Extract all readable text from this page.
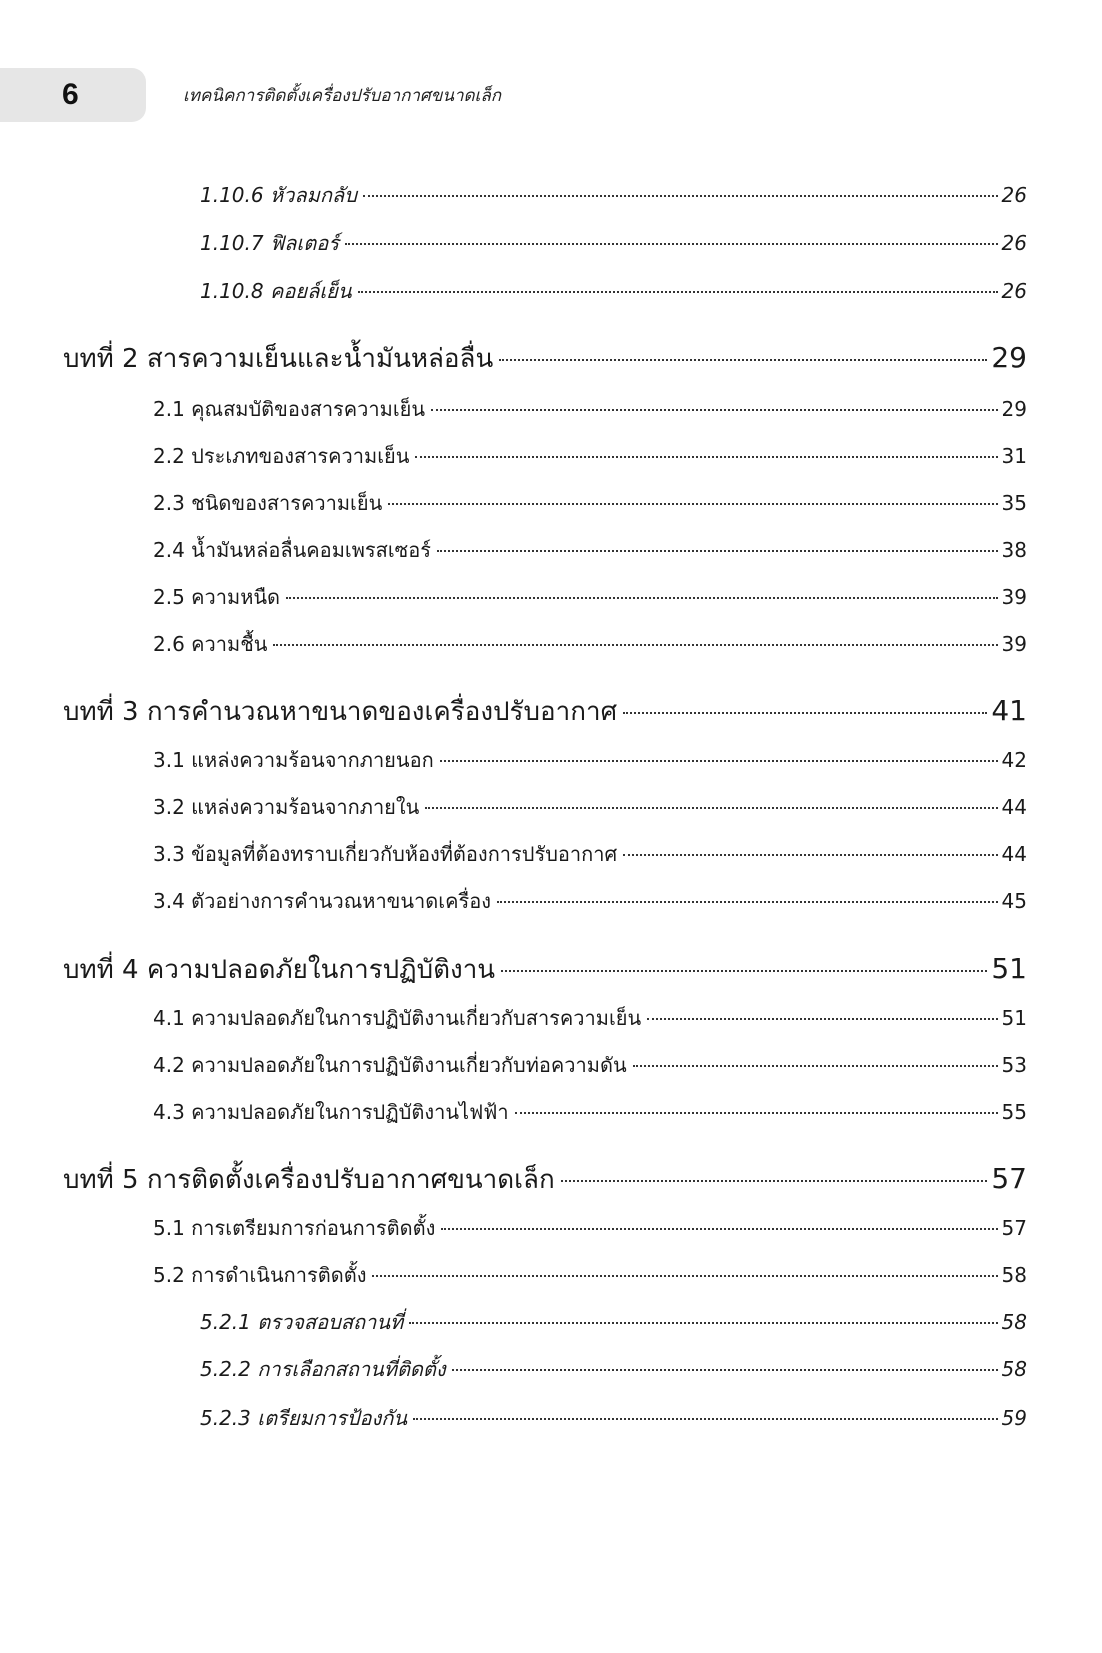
6	เทคนิคการติดตั้งเครื่องปรับอากาศขนาดเล็ก
1.10.6 หัวลมกลับ	26
1.10.7 ฟิลเตอร์	26
1.10.8 คอยล์เย็น	26
บทที่ 2 สารความเย็นและน้ำมันหล่อลื่น	29
2.1 คุณสมบัติของสารความเย็น	29
2.2 ประเภทของสารความเย็น	31
2.3 ชนิดของสารความเย็น	35
2.4 น้ำมันหล่อลื่นคอมเพรสเซอร์	38
2.5 ความหนืด	39
2.6 ความชื้น	39
บทที่ 3 การคำนวณหาขนาดของเครื่องปรับอากาศ	41
3.1 แหล่งความร้อนจากภายนอก	42
3.2 แหล่งความร้อนจากภายใน	44
3.3 ข้อมูลที่ต้องทราบเกี่ยวกับห้องที่ต้องการปรับอากาศ	44
3.4 ตัวอย่างการคำนวณหาขนาดเครื่อง	45
บทที่ 4 ความปลอดภัยในการปฏิบัติงาน	51
4.1 ความปลอดภัยในการปฏิบัติงานเกี่ยวกับสารความเย็น	51
4.2 ความปลอดภัยในการปฏิบัติงานเกี่ยวกับท่อความดัน	53
4.3 ความปลอดภัยในการปฏิบัติงานไฟฟ้า	55
บทที่ 5 การติดตั้งเครื่องปรับอากาศขนาดเล็ก	57
5.1 การเตรียมการก่อนการติดตั้ง	57
5.2 การดำเนินการติดตั้ง	58
5.2.1 ตรวจสอบสถานที่	58
5.2.2 การเลือกสถานที่ติดตั้ง	58
5.2.3 เตรียมการป้องกัน	59
